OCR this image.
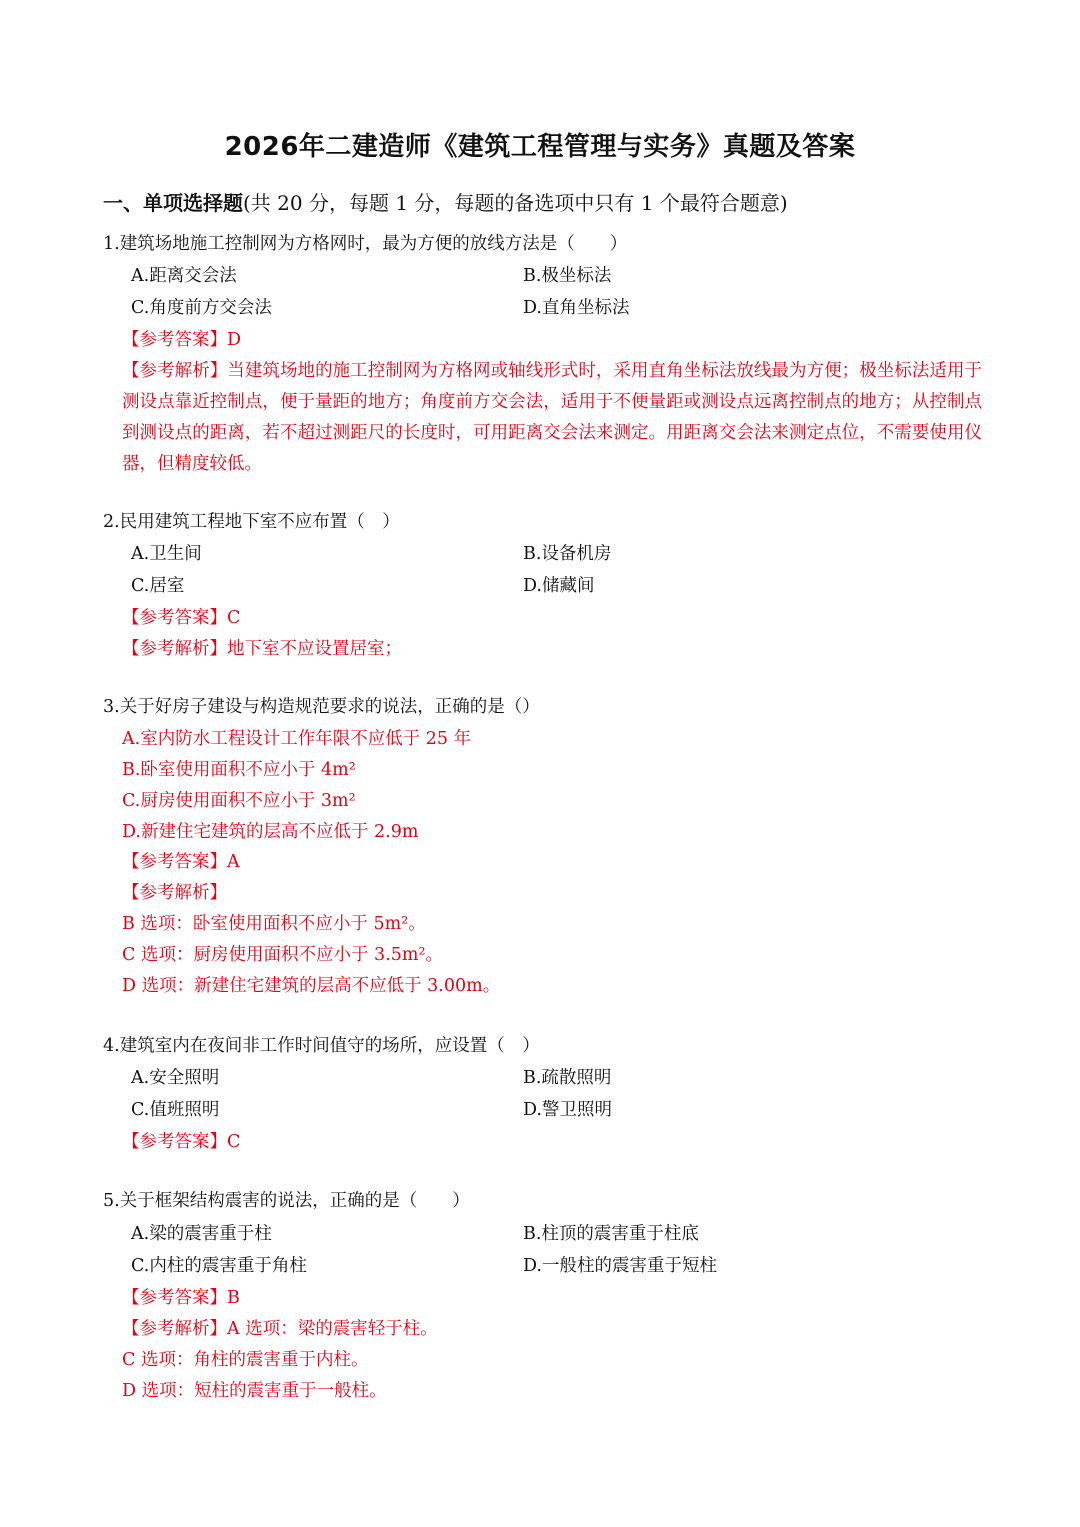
2026年二建造师《建筑工程管理与实务》真题及答案
一、单项选择题(共 20 分，每题 1 分，每题的备选项中只有 1 个最符合题意)
1.建筑场地施工控制网为方格网时，最为方便的放线方法是（　　）
A.距离交会法	B.极坐标法
C.角度前方交会法	D.直角坐标法
【参考答案】D
【参考解析】当建筑场地的施工控制网为方格网或轴线形式时，采用直角坐标法放线最为方便；极坐标法适用于测设点靠近控制点，便于量距的地方；角度前方交会法，适用于不便量距或测设点远离控制点的地方；从控制点到测设点的距离，若不超过测距尺的长度时，可用距离交会法来测定。用距离交会法来测定点位，不需要使用仪器，但精度较低。
2.民用建筑工程地下室不应布置（　）
A.卫生间	B.设备机房
C.居室	D.储藏间
【参考答案】C
【参考解析】地下室不应设置居室；
3.关于好房子建设与构造规范要求的说法，正确的是（）
A.室内防水工程设计工作年限不应低于 25 年
B.卧室使用面积不应小于 4m²
C.厨房使用面积不应小于 3m²
D.新建住宅建筑的层高不应低于 2.9m
【参考答案】A
【参考解析】
B 选项：卧室使用面积不应小于 5m²。
C 选项：厨房使用面积不应小于 3.5m²。
D 选项：新建住宅建筑的层高不应低于 3.00m。
4.建筑室内在夜间非工作时间值守的场所，应设置（　）
A.安全照明	B.疏散照明
C.值班照明	D.警卫照明
【参考答案】C
5.关于框架结构震害的说法，正确的是（　　）
A.梁的震害重于柱	B.柱顶的震害重于柱底
C.内柱的震害重于角柱	D.一般柱的震害重于短柱
【参考答案】B
【参考解析】A 选项：梁的震害轻于柱。
C 选项：角柱的震害重于内柱。
D 选项：短柱的震害重于一般柱。
